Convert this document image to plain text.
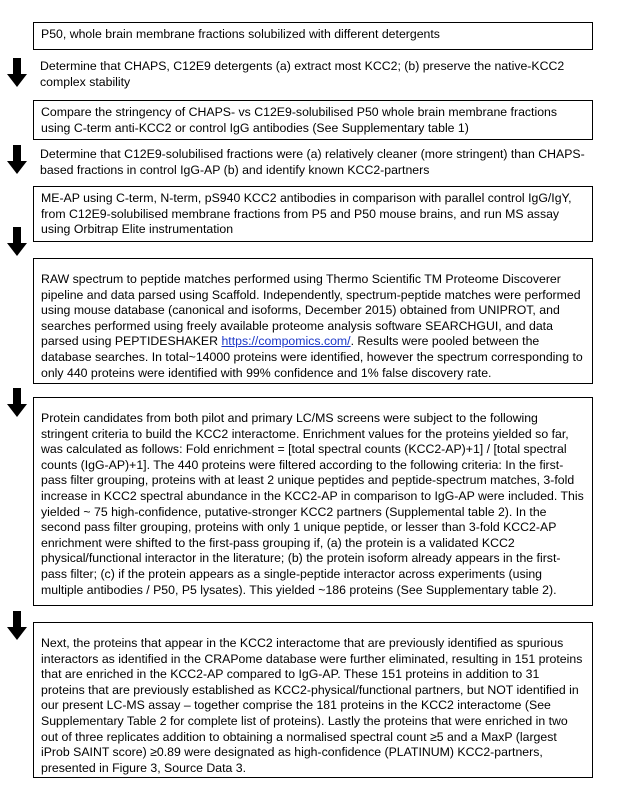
P50, whole brain membrane fractions solubilized with different detergents
Determine that CHAPS, C12E9 detergents (a) extract most KCC2; (b) preserve the native-KCC2 complex stability
Compare the stringency of CHAPS- vs C12E9-solubilised P50 whole brain membrane fractions using C-term anti-KCC2 or control IgG antibodies (See Supplementary table 1)
Determine that C12E9-solubilised fractions were (a) relatively cleaner (more stringent) than CHAPS-based fractions in control IgG-AP (b) and identify known KCC2-partners
ME-AP using C-term, N-term, pS940 KCC2 antibodies in comparison with parallel control IgG/IgY, from C12E9-solubilised membrane fractions from P5 and P50 mouse brains, and run MS assay using Orbitrap Elite instrumentation
RAW spectrum to peptide matches performed using Thermo Scientific TM Proteome Discoverer pipeline and data parsed using Scaffold. Independently, spectrum-peptide matches were performed using mouse database (canonical and isoforms, December 2015) obtained from UNIPROT, and searches performed using freely available proteome analysis software SEARCHGUI, and data parsed using PEPTIDESHAKER https://compomics.com/. Results were pooled between the database searches. In total~14000 proteins were identified, however the spectrum corresponding to only 440 proteins were identified with 99% confidence and 1% false discovery rate.
Protein candidates from both pilot and primary LC/MS screens were subject to the following stringent criteria to build the KCC2 interactome. Enrichment values for the proteins yielded so far, was calculated as follows: Fold enrichment = [total spectral counts (KCC2-AP)+1] / [total spectral counts (IgG-AP)+1]. The 440 proteins were filtered according to the following criteria: In the first-pass filter grouping, proteins with at least 2 unique peptides and peptide-spectrum matches, 3-fold increase in KCC2 spectral abundance in the KCC2-AP in comparison to IgG-AP were included. This yielded ~ 75 high-confidence, putative-stronger KCC2 partners (Supplemental table 2). In the second pass filter grouping, proteins with only 1 unique peptide, or lesser than 3-fold KCC2-AP enrichment were shifted to the first-pass grouping if, (a) the protein is a validated KCC2 physical/functional interactor in the literature; (b) the protein isoform already appears in the first-pass filter; (c) if the protein appears as a single-peptide interactor across experiments (using multiple antibodies / P50, P5 lysates). This yielded ~186 proteins (See Supplementary table 2).
Next, the proteins that appear in the KCC2 interactome that are previously identified as spurious interactors as identified in the CRAPome database were further eliminated, resulting in 151 proteins that are enriched in the KCC2-AP compared to IgG-AP. These 151 proteins in addition to 31 proteins that are previously established as KCC2-physical/functional partners, but NOT identified in our present LC-MS assay – together comprise the 181 proteins in the KCC2 interactome (See Supplementary Table 2 for complete list of proteins). Lastly the proteins that were enriched in two out of three replicates addition to obtaining a normalised spectral count ≥5 and a MaxP (largest iProb SAINT score) ≥0.89 were designated as high-confidence (PLATINUM) KCC2-partners, presented in Figure 3, Source Data 3.
